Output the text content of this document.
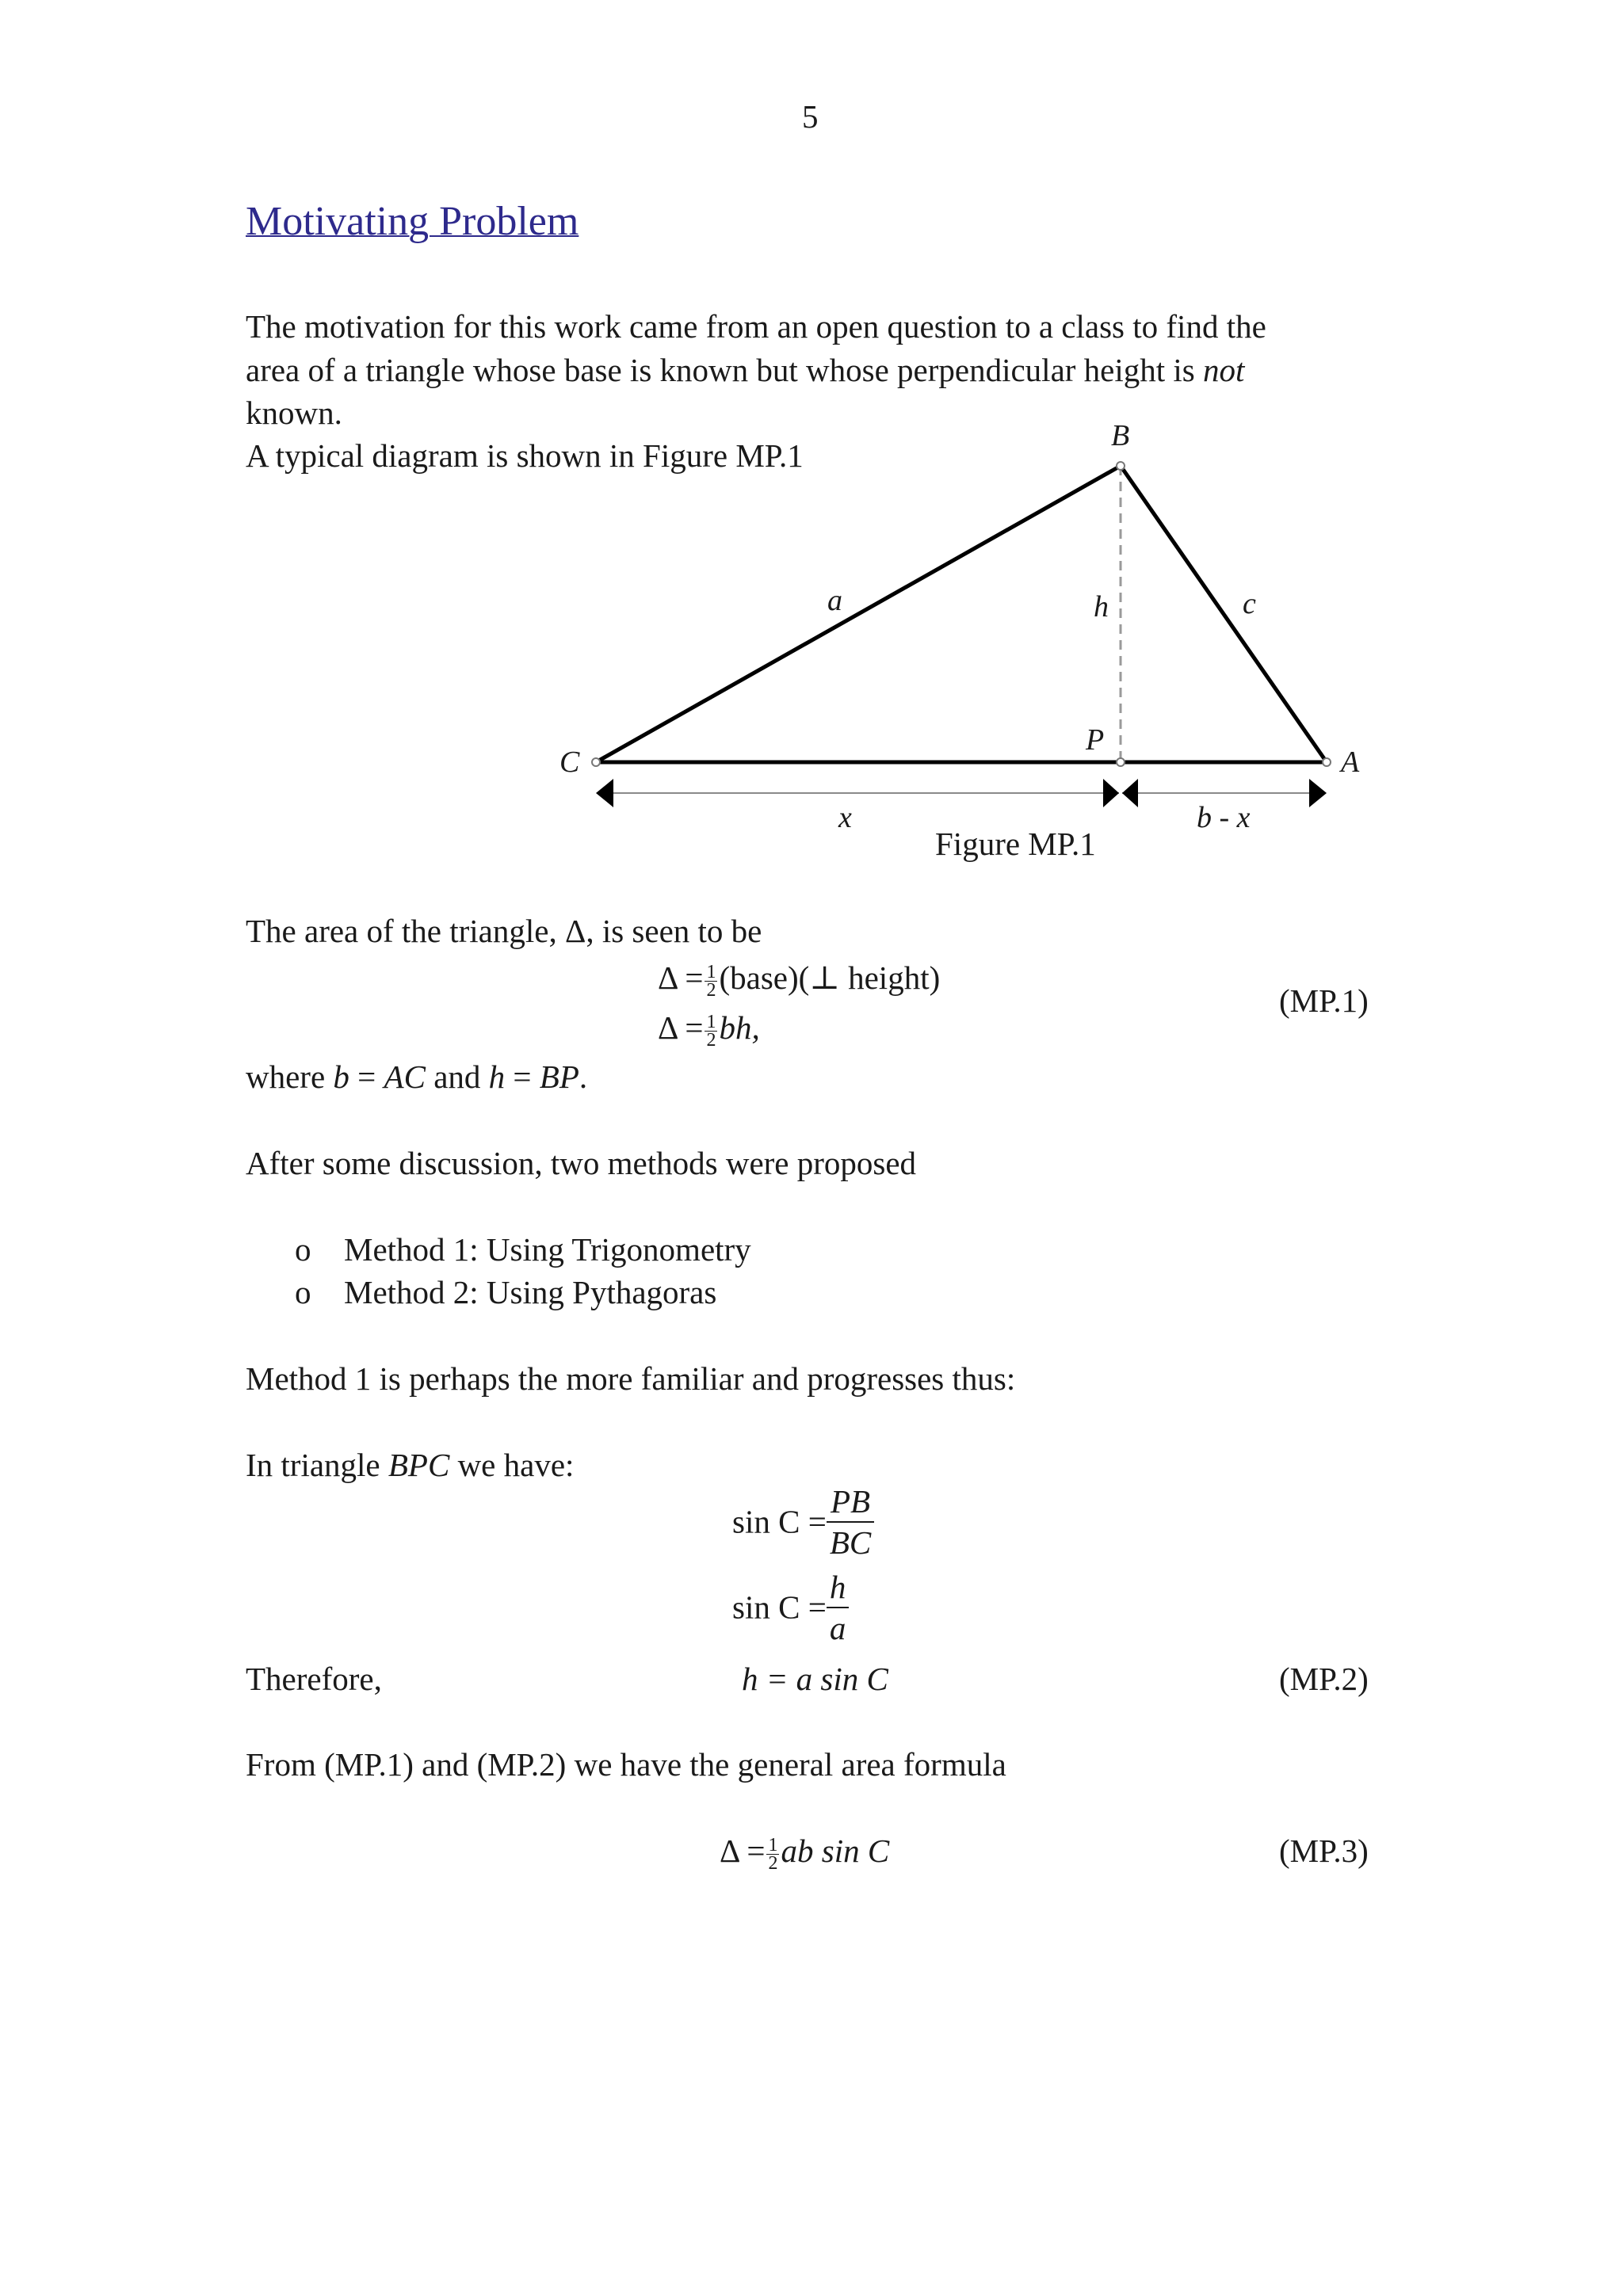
5
Motivating Problem
The motivation for this work came from an open question to a class to find the
area of a triangle whose base is known but whose perpendicular height is not
known.
A typical diagram is shown in Figure MP.1
B
C	A
P
a	c
h
x	b - x
Figure MP.1
The area of the triangle, Δ, is seen to be
$\Delta = \frac{1}{2}$ (base)(⊥ height)
$\Delta = \frac{1}{2}$ bh,
(MP.1)
where b = AC and h = BP.
After some discussion, two methods were proposed
o Method 1: Using Trigonometry
o Method 2: Using Pythagoras
Method 1 is perhaps the more familiar and progresses thus:
In triangle BPC we have:
$\sin C = \frac{PB}{BC}$
$\sin C = \frac{h}{a}$
Therefore,	h = a sin C	(MP.2)
From (MP.1) and (MP.2) we have the general area formula
$\Delta = \frac{1}{2}$ ab sin C	(MP.3)
